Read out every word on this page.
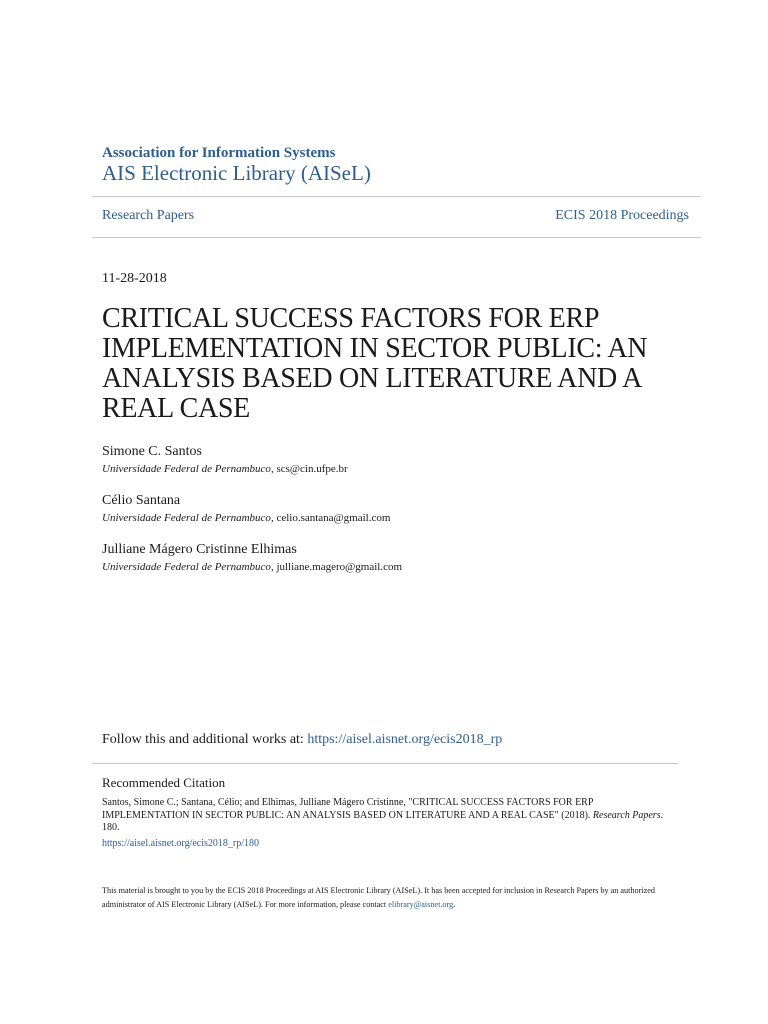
Association for Information Systems
AIS Electronic Library (AISeL)
Research Papers	ECIS 2018 Proceedings
11-28-2018
CRITICAL SUCCESS FACTORS FOR ERP IMPLEMENTATION IN SECTOR PUBLIC: AN ANALYSIS BASED ON LITERATURE AND A REAL CASE
Simone C. Santos
Universidade Federal de Pernambuco, scs@cin.ufpe.br
Célio Santana
Universidade Federal de Pernambuco, celio.santana@gmail.com
Julliane Mágero Cristinne Elhimas
Universidade Federal de Pernambuco, julliane.magero@gmail.com
Follow this and additional works at: https://aisel.aisnet.org/ecis2018_rp
Recommended Citation
Santos, Simone C.; Santana, Célio; and Elhimas, Julliane Mágero Cristinne, "CRITICAL SUCCESS FACTORS FOR ERP IMPLEMENTATION IN SECTOR PUBLIC: AN ANALYSIS BASED ON LITERATURE AND A REAL CASE" (2018). Research Papers. 180.
https://aisel.aisnet.org/ecis2018_rp/180
This material is brought to you by the ECIS 2018 Proceedings at AIS Electronic Library (AISeL). It has been accepted for inclusion in Research Papers by an authorized administrator of AIS Electronic Library (AISeL). For more information, please contact elibrary@aisnet.org.
